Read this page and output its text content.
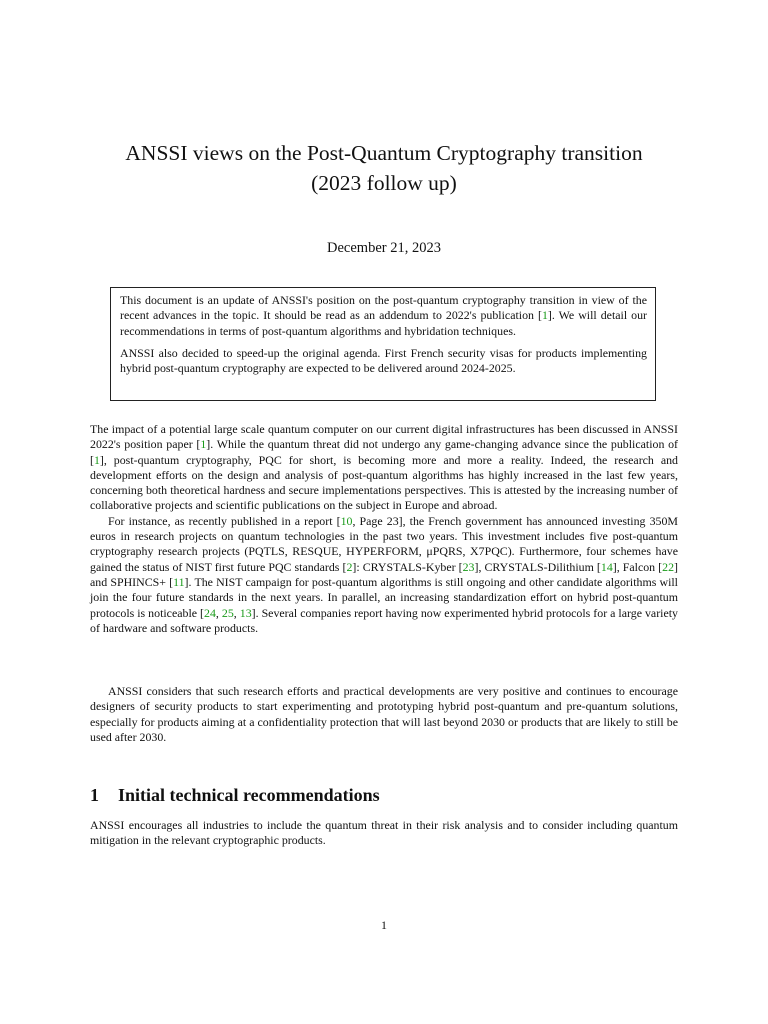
ANSSI views on the Post-Quantum Cryptography transition
(2023 follow up)
December 21, 2023

This document is an update of ANSSI's position on the post-quantum cryptography transition in view of the recent advances in the topic. It should be read as an addendum to 2022's publication [1]. We will detail our recommendations in terms of post-quantum algorithms and hybridation techniques.

ANSSI also decided to speed-up the original agenda. First French security visas for products implementing hybrid post-quantum cryptography are expected to be delivered around 2024-2025.

The impact of a potential large scale quantum computer on our current digital infrastructures has been discussed in ANSSI 2022's position paper [1]. While the quantum threat did not undergo any game-changing advance since the publication of [1], post-quantum cryptography, PQC for short, is becoming more and more a reality. Indeed, the research and development efforts on the design and analysis of post-quantum algorithms has highly increased in the last few years, concerning both theoretical hardness and secure implementations perspectives. This is attested by the increasing number of collaborative projects and scientific publications on the subject in Europe and abroad.

For instance, as recently published in a report [10, Page 23], the French government has announced investing 350M euros in research projects on quantum technologies in the past two years. This investment includes five post-quantum cryptography research projects (PQTLS, RESQUE, HYPERFORM, μPQRS, X7PQC). Furthermore, four schemes have gained the status of NIST first future PQC standards [2]: CRYSTALS-Kyber [23], CRYSTALS-Dilithium [14], Falcon [22] and SPHINCS+ [11]. The NIST campaign for post-quantum algorithms is still ongoing and other candidate algorithms will join the four future standards in the next years. In parallel, an increasing standardization effort on hybrid post-quantum protocols is noticeable [24, 25, 13]. Several companies report having now experimented hybrid protocols for a large variety of hardware and software products.

ANSSI considers that such research efforts and practical developments are very positive and continues to encourage designers of security products to start experimenting and prototyping hybrid post-quantum and pre-quantum solutions, especially for products aiming at a confidentiality protection that will last beyond 2030 or products that are likely to still be used after 2030.

1 Initial technical recommendations

ANSSI encourages all industries to include the quantum threat in their risk analysis and to consider including quantum mitigation in the relevant cryptographic products.

1
